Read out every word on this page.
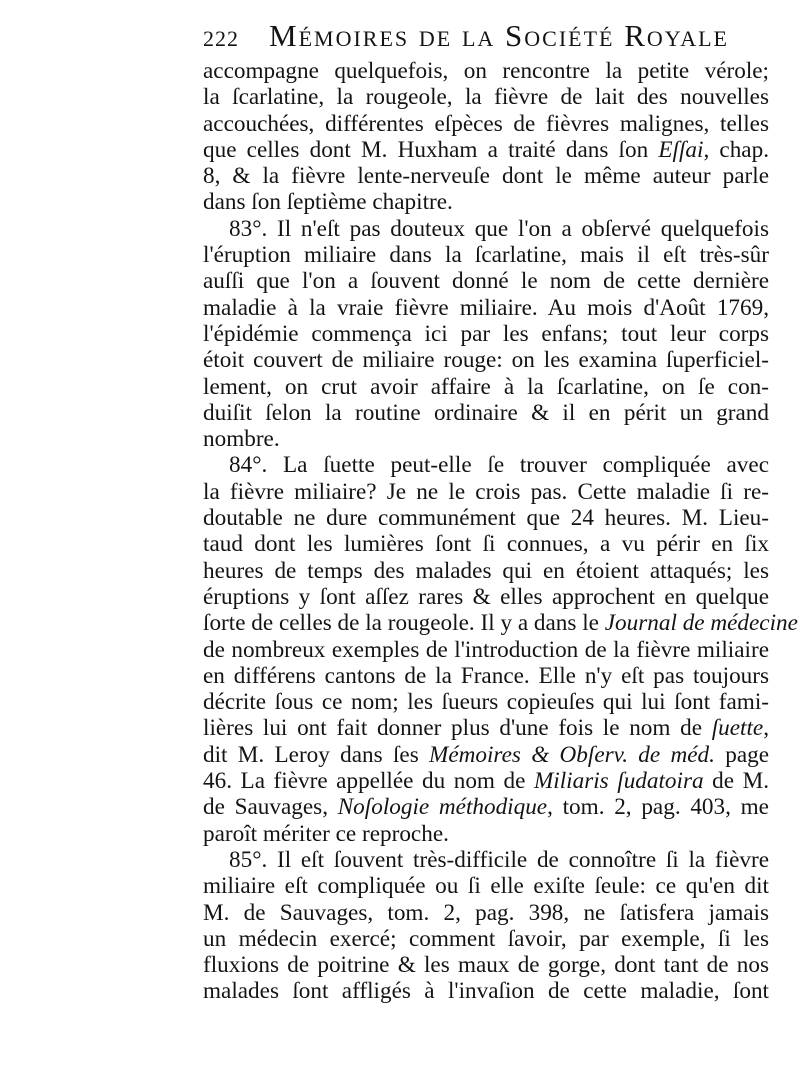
222 Mémoires de la Société Royale
accompagne quelquefois, on rencontre la petite vérole;
la ſcarlatine, la rougeole, la fièvre de lait des nouvelles
accouchées, différentes eſpèces de fièvres malignes, telles
que celles dont M. Huxham a traité dans ſon Eſſai, chap.
8, & la fièvre lente-nerveuſe dont le même auteur parle
dans ſon ſeptième chapitre.
83°. Il n'eſt pas douteux que l'on a obſervé quelquefois
l'éruption miliaire dans la ſcarlatine, mais il eſt très-sûr
auſſi que l'on a ſouvent donné le nom de cette dernière
maladie à la vraie fièvre miliaire. Au mois d'Août 1769,
l'épidémie commença ici par les enfans; tout leur corps
étoit couvert de miliaire rouge: on les examina ſuperficiel-
lement, on crut avoir affaire à la ſcarlatine, on ſe con-
duiſit ſelon la routine ordinaire & il en périt un grand
nombre.
84°. La ſuette peut-elle ſe trouver compliquée avec
la fièvre miliaire? Je ne le crois pas. Cette maladie ſi re-
doutable ne dure communément que 24 heures. M. Lieu-
taud dont les lumières ſont ſi connues, a vu périr en ſix
heures de temps des malades qui en étoient attaqués; les
éruptions y ſont aſſez rares & elles approchent en quelque
ſorte de celles de la rougeole. Il y a dans le Journal de médecine
de nombreux exemples de l'introduction de la fièvre miliaire
en différens cantons de la France. Elle n'y eſt pas toujours
décrite ſous ce nom; les ſueurs copieuſes qui lui ſont fami-
lières lui ont fait donner plus d'une fois le nom de ſuette,
dit M. Leroy dans ſes Mémoires & Obſerv. de méd. page
46. La fièvre appellée du nom de Miliaris ſudatoira de M.
de Sauvages, Noſologie méthodique, tom. 2, pag. 403, me
paroît mériter ce reproche.
85°. Il eſt ſouvent très-difficile de connoître ſi la fièvre
miliaire eſt compliquée ou ſi elle exiſte ſeule: ce qu'en dit
M. de Sauvages, tom. 2, pag. 398, ne ſatisfera jamais
un médecin exercé; comment ſavoir, par exemple, ſi les
fluxions de poitrine & les maux de gorge, dont tant de nos
malades ſont affligés à l'invaſion de cette maladie, ſont
